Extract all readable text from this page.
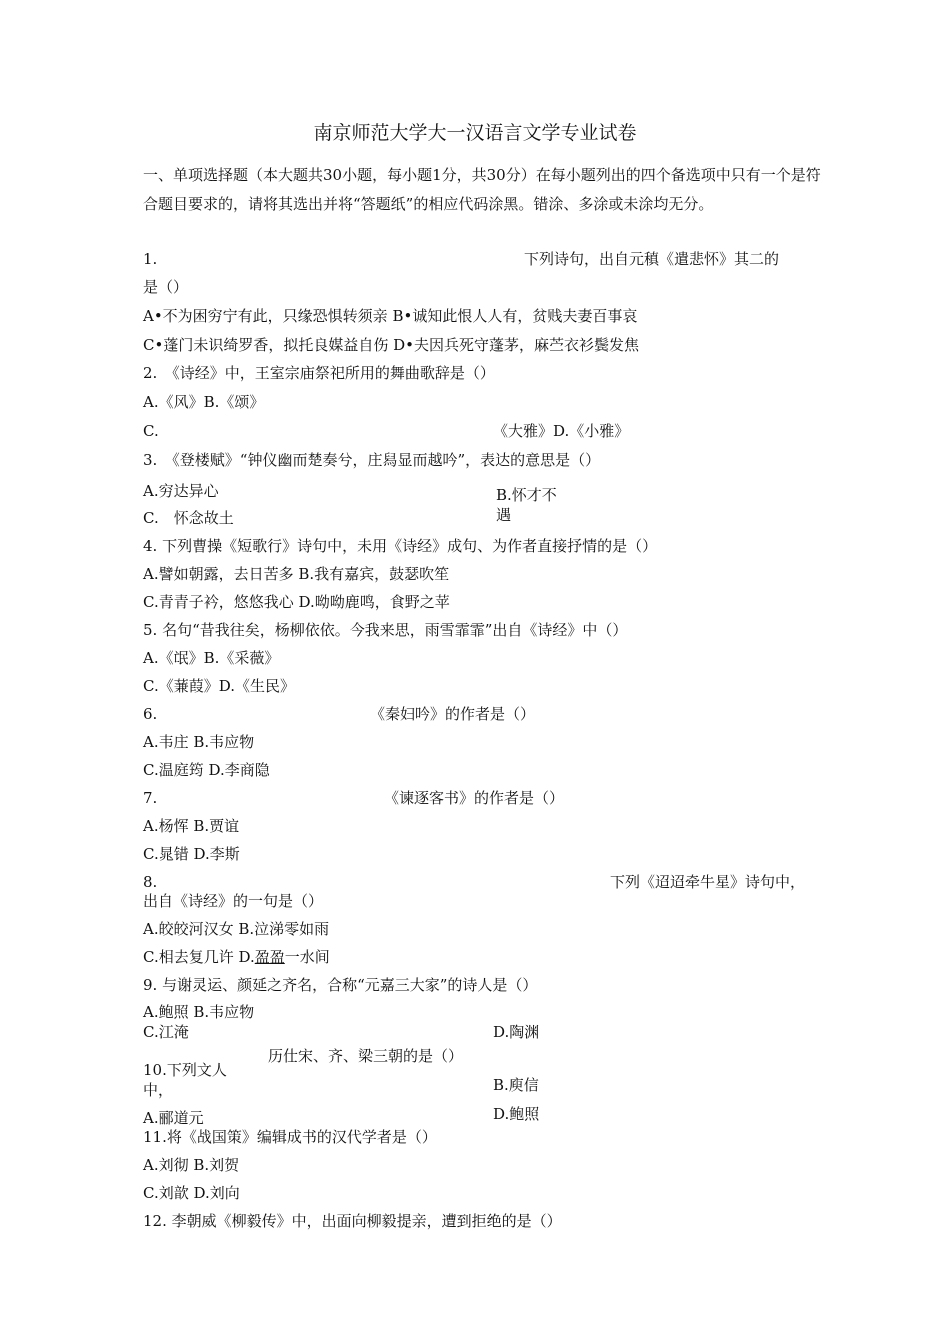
南京师范大学大一汉语言文学专业试卷
一、单项选择题（本大题共30小题，每小题1分，共30分）在每小题列出的四个备选项中只有一个是符合题目要求的，请将其选出并将“答题纸”的相应代码涂黑。错涂、多涂或未涂均无分。
1.	下列诗句，出自元稹《遣悲怀》其二的
是（）
A•不为困穷宁有此，只缘恐惧转须亲 B•诚知此恨人人有，贫贱夫妻百事哀
C•蓬门未识绮罗香，拟托良媒益自伤 D•夫因兵死守蓬茅，麻苎衣衫鬓发焦
2.　《诗经》中，王室宗庙祭祀所用的舞曲歌辞是（）
A.《风》B.《颂》
C.	《大雅》D.《小雅》
3.　《登楼赋》“钟仪幽而楚奏兮，庄舄显而越吟”，表达的意思是（）
A.穷达异心	B.怀才不遇
C.　怀念故土
4. 下列曹操《短歌行》诗句中，未用《诗经》成句、为作者直接抒情的是（）
A.譬如朝露，去日苦多 B.我有嘉宾，鼓瑟吹笙
C.青青子衿，悠悠我心 D.呦呦鹿鸣，食野之苹
5. 名句“昔我往矣，杨柳依依。今我来思，雨雪霏霏”出自《诗经》中（）
A.《氓》B.《采薇》
C.《蒹葭》D.《生民》
6.	《秦妇吟》的作者是（）
A.韦庄 B.韦应物
C.温庭筠 D.李商隐
7.	《谏逐客书》的作者是（）
A.杨恽 B.贾谊
C.晁错 D.李斯
8.	下列《迢迢牵牛星》诗句中，
出自《诗经》的一句是（）
A.皎皎河汉女 B.泣涕零如雨
C.相去复几许 D.盈盈一水间
9. 与谢灵运、颜延之齐名，合称“元嘉三大家”的诗人是（）
A.鲍照 B.韦应物
C.江淹	D.陶渊
历仕宋、齐、梁三朝的是（）
10.下列文人中，	B.庾信
A.郦道元	D.鲍照
11.将《战国策》编辑成书的汉代学者是（）
A.刘彻 B.刘贺
C.刘歆 D.刘向
12. 李朝威《柳毅传》中，出面向柳毅提亲，遭到拒绝的是（）
